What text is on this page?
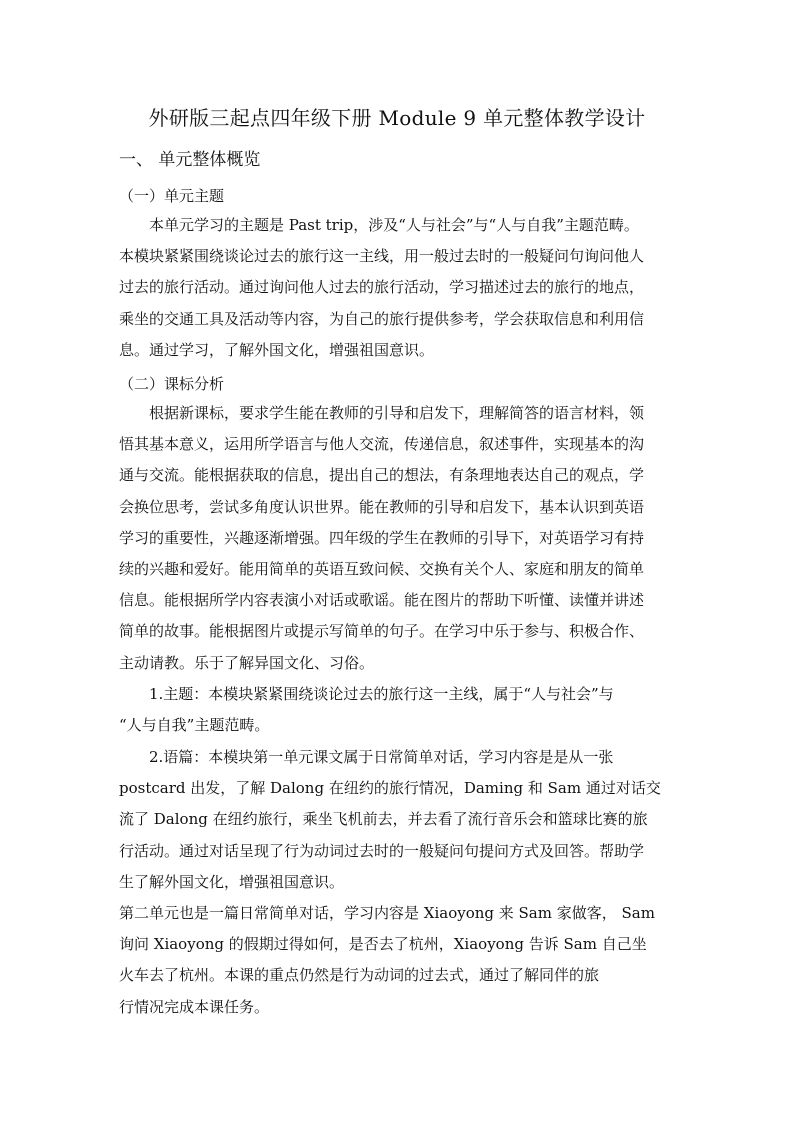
外研版三起点四年级下册 Module 9 单元整体教学设计
一、 单元整体概览
（一）单元主题
　　本单元学习的主题是 Past trip，涉及“人与社会”与“人与自我”主题范畴。
本模块紧紧围绕谈论过去的旅行这一主线，用一般过去时的一般疑问句询问他人
过去的旅行活动。通过询问他人过去的旅行活动，学习描述过去的旅行的地点，
乘坐的交通工具及活动等内容，为自己的旅行提供参考，学会获取信息和利用信
息。通过学习，了解外国文化，增强祖国意识。
（二）课标分析
　　根据新课标，要求学生能在教师的引导和启发下，理解简答的语言材料，领
悟其基本意义，运用所学语言与他人交流，传递信息，叙述事件，实现基本的沟
通与交流。能根据获取的信息，提出自己的想法，有条理地表达自己的观点，学
会换位思考，尝试多角度认识世界。能在教师的引导和启发下，基本认识到英语
学习的重要性，兴趣逐渐增强。四年级的学生在教师的引导下，对英语学习有持
续的兴趣和爱好。能用简单的英语互致问候、交换有关个人、家庭和朋友的简单
信息。能根据所学内容表演小对话或歌谣。能在图片的帮助下听懂、读懂并讲述
简单的故事。能根据图片或提示写简单的句子。在学习中乐于参与、积极合作、
主动请教。乐于了解异国文化、习俗。
　　1.主题：本模块紧紧围绕谈论过去的旅行这一主线，属于“人与社会”与
“人与自我”主题范畴。
　　2.语篇：本模块第一单元课文属于日常简单对话，学习内容是是从一张
postcard 出发，了解 Dalong 在纽约的旅行情况，Daming 和 Sam 通过对话交
流了 Dalong 在纽约旅行，乘坐飞机前去，并去看了流行音乐会和篮球比赛的旅
行活动。通过对话呈现了行为动词过去时的一般疑问句提问方式及回答。帮助学
生了解外国文化，增强祖国意识。
第二单元也是一篇日常简单对话，学习内容是 Xiaoyong 来 Sam 家做客， Sam
询问 Xiaoyong 的假期过得如何，是否去了杭州，Xiaoyong 告诉 Sam 自己坐
火车去了杭州。本课的重点仍然是行为动词的过去式，通过了解同伴的旅
行情况完成本课任务。
